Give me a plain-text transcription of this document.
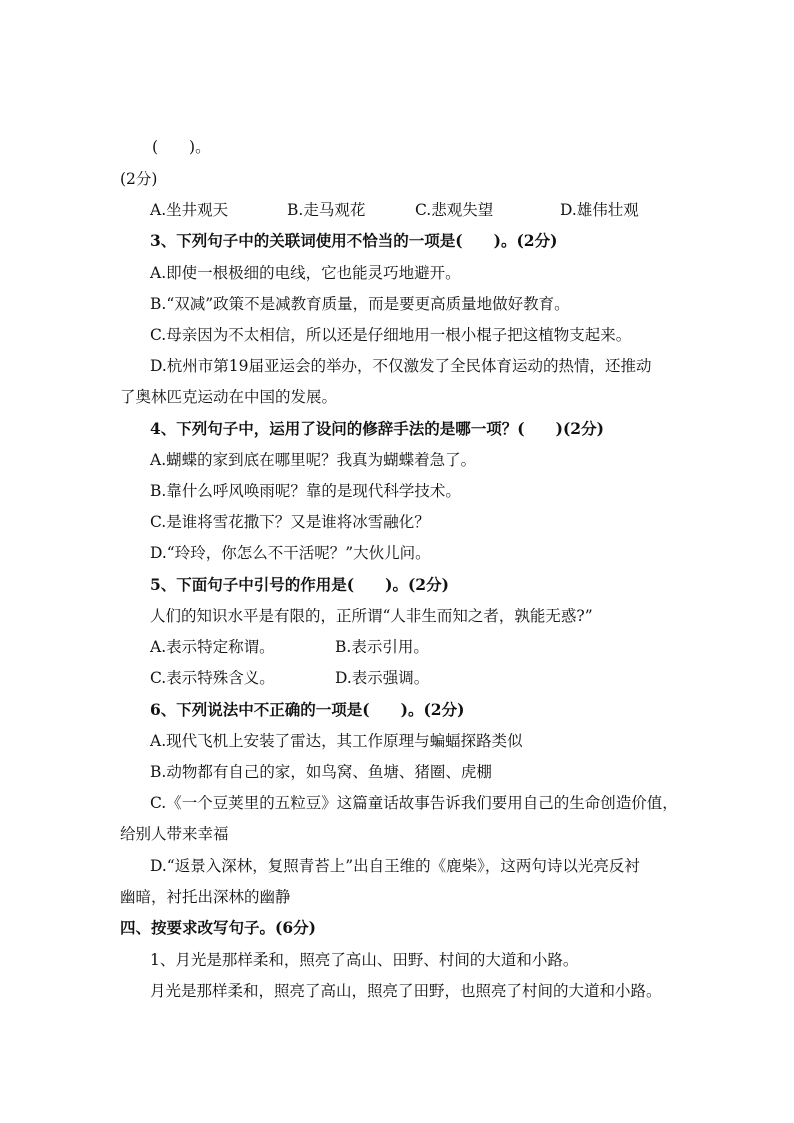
(　　)。
(2分)
A.坐井观天	B.走马观花	C.悲观失望	D.雄伟壮观
3、下列句子中的关联词使用不恰当的一项是(　　)。(2分)
A.即使一根极细的电线，它也能灵巧地避开。
B.“双减”政策不是减教育质量，而是要更高质量地做好教育。
C.母亲因为不太相信，所以还是仔细地用一根小棍子把这植物支起来。
D.杭州市第19届亚运会的举办，不仅激发了全民体育运动的热情，还推动
了奥林匹克运动在中国的发展。
4、下列句子中，运用了设问的修辞手法的是哪一项？(　　)(2分)
A.蝴蝶的家到底在哪里呢？我真为蝴蝶着急了。
B.靠什么呼风唤雨呢？靠的是现代科学技术。
C.是谁将雪花撒下？又是谁将冰雪融化？
D.“玲玲，你怎么不干活呢？”大伙儿问。
5、下面句子中引号的作用是(　　)。(2分)
人们的知识水平是有限的，正所谓“人非生而知之者，孰能无惑?”
A.表示特定称谓。	B.表示引用。
C.表示特殊含义。	D.表示强调。
6、下列说法中不正确的一项是(　　)。(2分)
A.现代飞机上安装了雷达，其工作原理与蝙蝠探路类似
B.动物都有自己的家，如鸟窝、鱼塘、猪圈、虎棚
C.《一个豆荚里的五粒豆》这篇童话故事告诉我们要用自己的生命创造价值，
给别人带来幸福
D.“返景入深林，复照青苔上”出自王维的《鹿柴》，这两句诗以光亮反衬
幽暗，衬托出深林的幽静
四、按要求改写句子。(6分)
1、月光是那样柔和，照亮了高山、田野、村间的大道和小路。
月光是那样柔和，照亮了高山，照亮了田野，也照亮了村间的大道和小路。
